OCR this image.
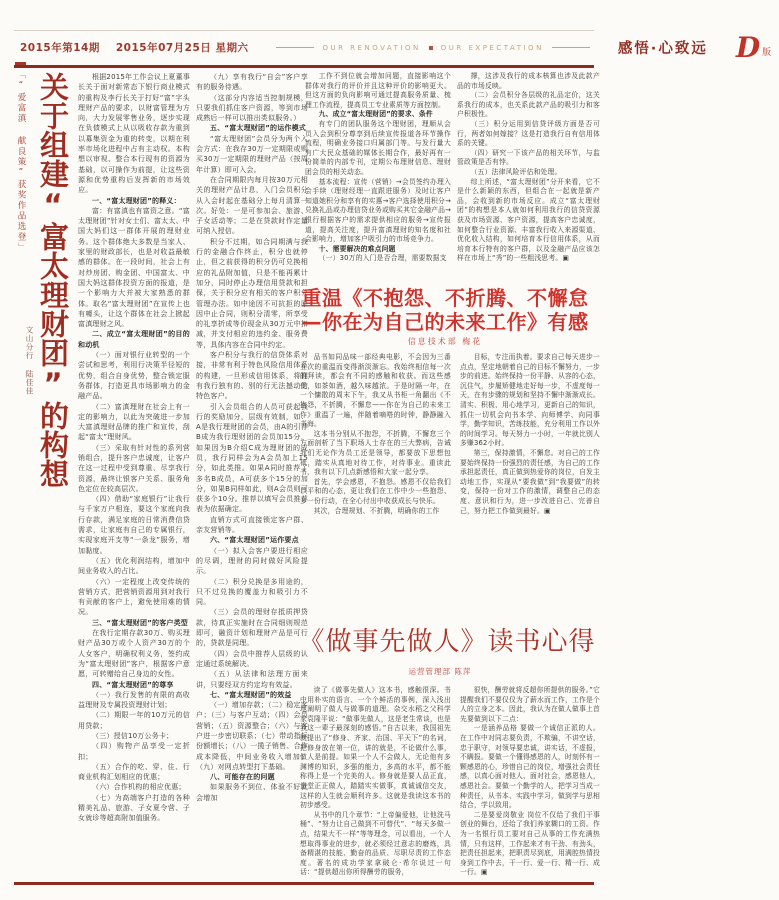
2015年第14期	2015年07月25日 星期六	OUR RENOVATION	OUR EXPECTATION	感悟·心致远 D 版
「“爱富滇 献良策”获奖作品选登」 关于组建“富太理财团”的构想
文山分行 陆佳佳

根据2015年工作会议上夏董事长关于面对新常态下银行商业模式的重构及李行长关于打好“富”字头理财产品的要求，以财富管理为方向，大力发展零售业务，逐步实现在负债模式上从以吸收存款为重到以募集资金为重的转变，以期在利率市场化进程中占有主动权。本构想以审视、整合本行现有的资源为基础，以可操作为前提，让这些资源和优势重构后发挥新的市场效应。

一、“富太理财团”的释义：

富：有富滇也有富资之意。“富太理财团”针对女士们、富太太、中国大妈们这一群体开展的理财业务。这个群体绝大多数是当家人、家里的财政部长，也是对收益最敏感的群体。在一段时间，社会上有对炒房团、购金团、中国富太、中国大妈这群体投资方面的报道，是一个影响力大并被大家熟悉的群体。取名“富太理财团”在宣传上也有噱头，让这个群体在社会上掀起富滇理财之风。

二、成立“富太理财团”的目的和动机

（一）面对银行业转型的一个尝试和思考，利用行决策半径短的优势，组合自身优势，整合锁定服务群体，打造更具市场影响力的金融产品。

（二）富滇理财在社会上有一定的影响力，以此为突破进一步加大富滇理财品牌的推广和宣传，刮起“富太”理财风。

（三）采取有针对性的系列营销组合，提升客户忠诚度，让客户在这一过程中受到尊重、尽享我行资源，最终让银客户关系、服务角色定位在较高层次。

（四）借助“家庭银行”让我行与千家万户相连，要这个家庭向我行存款，满足家庭的日常消费信贷需求，让家庭有自己的专属银行，实现家庭开支等“一条龙”服务，增加黏度。

（五）优化利润结构，增加中间业务收入的占比。

（六）一定程度上改变传统的营销方式，把营销资源用到对我行有贡献的客户上，避免使用难的情况。

三、“富太理财团”的客户类型

在我行定期存款30万、购买理财产品30万或个人资产30万的个人女客户，明确权利义务，签约成为“富太理财团”客户，根据客户意愿，可转赠给自己身边的女性。

四、“富太理财团”的尊享

（一）我行发售的有限的高收益理财及专属投资理财计划；

（二）期限一年的10万元的信用贷款；

（三）授信10万公务卡；

（四）购物产品享受一定折扣；

（五）合作的吃、穿、住、行商业机构汇划相应的优惠；

（六）合作机构的相应优惠；

（七）为高端客户打造的各种精美礼品、旅游、子女夏令营、子女就诊等超高附加值服务。

（九）享有我行“自会”客户享有的服务待遇。

（这部分内容适当控制规模，只要我们抓住客户资源，等到市场成熟后一样可以推出类似服务。）

五、“富太理财团”的运作模式

“富太理财团”会员分为两个入会方式：在我存30万一定期限或购买30万一定期限的理财产品（按周年计算）即可入会。

在合同期限内每月按30万元相关的理财产品计息，入门会员积分从入会时起在基础分上每月清算一次。好处：一是可参加会、旅游、子女活动等；二是在贷款时作定量可纳入授信。

积分不过期，如合同期满与我行的金融合作终止，积分也就停止，但之前获得的积分仍可兑换相应的礼品附加值，只是不能再累计加分，同时停止办理信用贷款和担保，关于积分应有相关的客户积分管理办法。如中途因不可抗拒的原因中止合同，则积分清零，所享受的礼享折成等价现金从30万元中扣减，并支付相应的违约金、服务费等，具体内容在合同中约定。

客户积分与我行的信贷体系对接，非常有利于特色风险信用体系的构建，一旦形成信用体系，将拥有我行独有的、别的行无法撼动的特色客户。

引入会员组合的人员可获起我行的奖励加分，层级有效制，如：A是我行理财团的会员，由A的引荐B成为我行理财团的会员加15分，如果因为B介绍C成为理财团的成员，我行同样会为A会员加上15分，如此类推。如果A同时推荐了多名B成员，A可获多个15分的加分，如果B同样如此，则A会员则可获多个10分。推荐以填写会员推荐表为依据确定。

直销方式可直接锁定客户群、亲友营销等。

六、“富太理财团”运作要点

（一）拟入会客户要进行相应的尽调，理财的同时做好风险提示。

（二）积分兑换是多用途的，只不过兑换的覆盖力和吸引力不同。

（三）会员的理财存抵质押贷款，待真正实施时在合同细则规范即可，融资计划和理财产品是可行的，贷款是同理。

（四）会员中推荐人层级的认定通过系统解决。

（五）从法律和法理方面来讲，只要经双方约定均有效益。

七、“富太理财团”的效益

（一）增加存款；（二）稳定客户；（三）与客户互动；（四）会员营销；（五）资源整合；（六）与客户进一步密切联系；（七）带动指标份额增长；（八）一揽子销售、合作成本降低，中间业务收入增加；（九）对网点转型打下基础。

八、可能存在的问题

如果服务不到位、体验不好就会增加

工作不到位就会增加问题，直接影响这个群体对我行的评价并且这种评价的影响更大。但这方面的负向影响可通过提高服务质量、梳理工作流程，提高员工专业素质等方面控制。

九、成立“富太理财团”的要求、条件

有专门的团队服务这个理财团，理顺从会员入会到积分尊享到后续宣传报道各环节操作流程，明确业务接口归属部门等。与发行量大有广大民众基础的媒体长期合作，最好再有一份简单的内部专刊，定期公布理财信息、理财团会员的相关动态。

基本流程：宣传（营销）→会员签约办理入会手续（理财经理一直跟进服务）及时让客户知道她积分和享有的实惠→客户选择使用积分→兑换礼品或办理信贷业务或购买其它金融产品→银行根据客户的需求提供相应的服务→宣传报道，提高关注度，提升富滇理财的知名度和社会影响力，增加客户吸引力的市场竞争力。

十、需要解决的难点问题

（一）30万的入门是否合理，需要数据支

撑，这涉及我行的成本核算也涉及此款产品的市场反映。

（二）会员积分各层级的礼品定价，这关系我行的成本，也关系此款产品的吸引力和客户积极性。

（三）积分运用到信贷评级方面是否可行，两者如何嫁接？这是打造我行自有信用体系的关键。

（四）研究一下该产品的相关环节，与监管政策是否有悖。

（五）法律风险评估和处理。

综上所述，“富太理财团”分开来看，它不是什么新颖的东西，但组合在一起就是新产品，会收到新的市场反应。成立“富太理财团”的构想是本人就如何利用我行的信贷资源获及市场资源、客户资源，提高客户忠诚度，如何整合行业资源、丰富我行收入来源渠道、优化收入结构，如何培育本行信用体系，从而培育本行特有的客户群，以及金融产品应该怎样在市场上“秀”的一些粗浅思考。▣

重温《不抱怨、不折腾、不懈怠
—你在为自己的未来工作》有感
信息技术部 梅花

品书如同品味一部经典电影，不会因为三番五次的重温而变得渐淡渐忘。我始终相信每一次的拜读，都会有不同的感触和收获。而这些感受，如茶如酒，越久味越浓。于是时隔一年，在一个慵散的周末下午，我又从书柜一角翻出《不抱怨，不折腾，不懈怠——你在为自己的未来工作》重温了一遍，伴随着嘀嗒的时钟，静静融入书海。

这本书分别从不抱怨，不折腾，不懈怠三个方面剖析了当下职场人士存在的三大弊病，告诫我们无论作为员工还是领导，都要放下思想包袱，踏实从真地对待工作，对待事业。重读此书，我有以下几点新感悟和大家一起分享。

首先，学会感恩，不抱怨。感恩不仅给我们以平和的心态，更让我们在工作中少一些抱怨、多一份行动，在全心付出中收获成长与快乐。

其次，合理规划、不折腾，明确你的工作

目标，专注而执着。要求自己每天进步一点点，坚定地朝着自己的目标不懈努力，一步步的前进。始终保持一份平静、从容的心态，沉住气，步履矫健地走好每一步，不虚度每一天，在有步骤的规划和坚持不懈中渐渐成长。清实、积极、用心地学习，更新自己的知识，抓住一切机会向书本学、向师傅学、向同事学，勤学知识，苦练技能，充分利用工作以外的时间学习。每天努力一小时，一年就比别人多赚362小时。

第三，保持激情，不懈怠。对自己的工作要始终保持一份强烈的责任感，为自己的工作承担起责任，真正做到热爱你的岗位，自发主动地工作，实现从“要我做”到“我要做”的转变，保持一份对工作的激情，调整自己的态度、意识和行为，进一步改进自己、完善自己，努力把工作做到最好。▣

《做事先做人》读书心得
运营管理部 陈萍

读了《做事先做人》这本书，感触很深。书中用朴实的语言、一个个鲜活的事例，深入浅出地阐明了做人与做事的道理。杂交水稻之父科学家袁隆平说：“做事先做人，这是老生常谈，也是我这一辈子最深刻的感悟。”自古以来，我国祖先就提出了“修身、齐家、治国、平天下”的名词，把修身放在第一位，讲的就是，不论做什么事，做人是前提。如果一个人不会做人，无论他有多渊博的知识，多强的能力，多高的水平，都不能称得上是一个完美的人。修身就是要人品正直，堂堂正正做人，踏踏实实做事，真诚诚信交友，这样的人生就会顺利许多。这就是我读这本书的初步感受。

从书中的几个章节：“上帝偏爱他，让他洗马桶”、“努力让自己做到不可替代”、“每天多做一点，结果大不一样”等等理念，可以看出，一个人想取得事业的进步，就必须经过意志的磨炼，具备精湛的技能、勤奋的品质、尽职尽责的工作态度。著名的成功学家拿破仑·希尔说过一句话：“提供超出你所得酬劳的服务，

很快，酬劳就将反超你所提供的服务。”它提醒我们不要仅仅为了薪水而工作，工作是个人的立身之本。因此，我认为在做人做事上首先要做到以下二点：

一是涵养品格 要做一个诚信正派的人。在工作中对同志要负责，不欺骗，不讲空话，忠于职守，对领导要忠诚，讲实话，不虚报，不瞒报。要做一个懂得感恩的人，时刻怀有一颗感恩的心，珍惜自己的岗位，增强社会责任感，以真心面对他人、面对社会，感恩他人，感恩社会。要做一个勤学的人，把学习当成一种责任，从书本、实践中学习，做到学与思相结合，学以致用。

二是要爱岗敬业 岗位不仅给了我们干事创业的舞台，还给了我们养家糊口的工资。作为一名银行员工要对自己从事的工作充满热情，只有这样，工作起来才有干劲、有劲头，把责任担起来，把职责尽到底，用满腔热情投身到工作中去，干一行、爱一行、精一行、成一行。▣
